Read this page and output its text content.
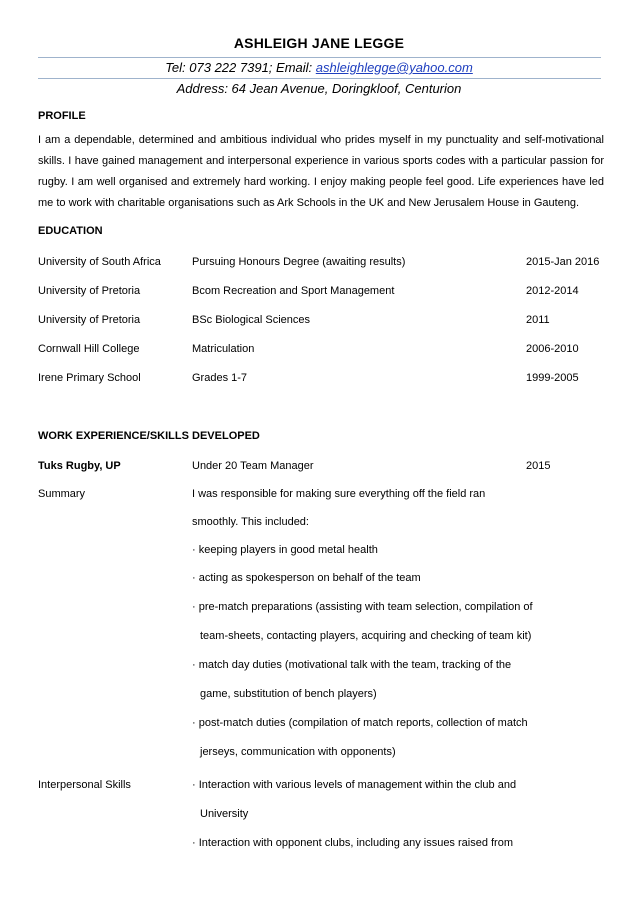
ASHLEIGH JANE LEGGE
Tel: 073 222 7391; Email: ashleighlegge@yahoo.com
Address: 64 Jean Avenue, Doringkloof, Centurion
PROFILE
I am a dependable, determined and ambitious individual who prides myself in my punctuality and self-motivational skills. I have gained management and interpersonal experience in various sports codes with a particular passion for rugby. I am well organised and extremely hard working. I enjoy making people feel good. Life experiences have led me to work with charitable organisations such as Ark Schools in the UK and New Jerusalem House in Gauteng.
EDUCATION
University of South Africa	Pursuing Honours Degree (awaiting results)	2015-Jan 2016
University of Pretoria	Bcom Recreation and Sport Management	2012-2014
University of Pretoria	BSc Biological Sciences	2011
Cornwall Hill College	Matriculation	2006-2010
Irene Primary School	Grades 1-7	1999-2005
WORK EXPERIENCE/SKILLS DEVELOPED
Tuks Rugby, UP	Under 20 Team Manager	2015
Summary	I was responsible for making sure everything off the field ran
smoothly. This included:
· keeping players in good metal health
· acting as spokesperson on behalf of the team
· pre-match preparations (assisting with team selection, compilation of
team-sheets, contacting players, acquiring and checking of team kit)
· match day duties (motivational talk with the team, tracking of the
game, substitution of bench players)
· post-match duties (compilation of match reports, collection of match
jerseys, communication with opponents)
Interpersonal Skills	· Interaction with various levels of management within the club and
University
· Interaction with opponent clubs, including any issues raised from
